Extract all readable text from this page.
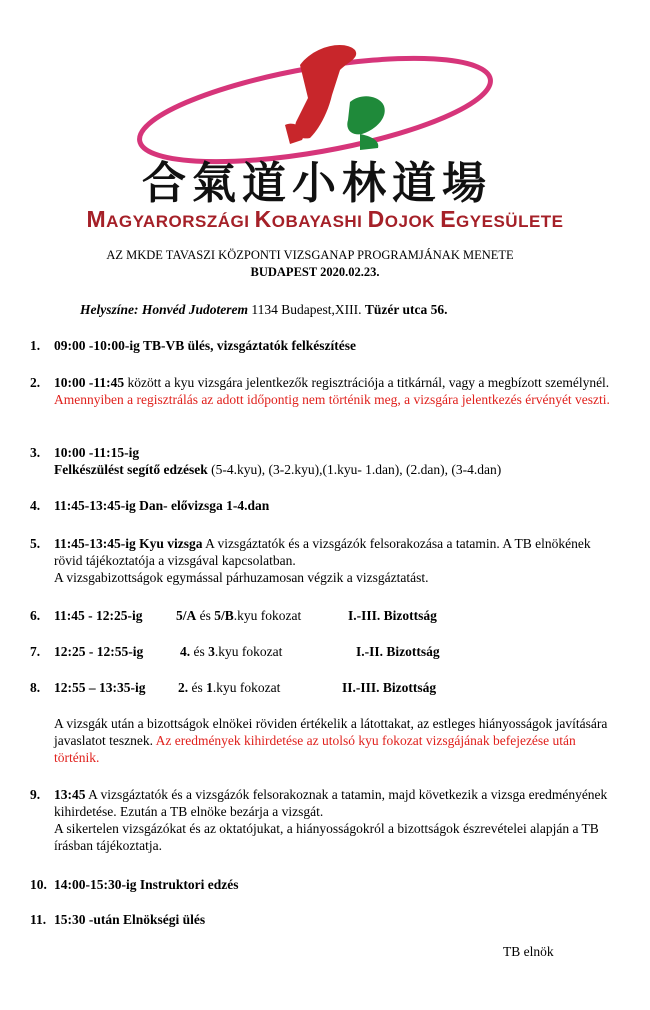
合氣道小林道場
MAGYARORSZÁGI KOBAYASHI DOJOK EGYESÜLETE
AZ MKDE TAVASZI KÖZPONTI VIZSGANAP PROGRAMJÁNAK MENETE
BUDAPEST 2020.02.23.
Helyszíne: Honvéd Judoterem 1134 Budapest,XIII. Tüzér utca 56.
1. 09:00 -10:00-ig TB-VB ülés, vizsgáztatók felkészítése
2. 10:00 -11:45 között a kyu vizsgára jelentkezők regisztrációja a titkárnál, vagy a megbízott személynél. Amennyiben a regisztrálás az adott időpontig nem történik meg, a vizsgára jelentkezés érvényét veszti.
3. 10:00 -11:15-ig
Felkészülést segítő edzések (5-4.kyu), (3-2.kyu),(1.kyu- 1.dan), (2.dan), (3-4.dan)
4. 11:45-13:45-ig Dan- elővizsga 1-4.dan
5. 11:45-13:45-ig Kyu vizsga A vizsgáztatók és a vizsgázók felsorakozása a tatamin. A TB elnökének rövid tájékoztatója a vizsgával kapcsolatban.
A vizsgabizottságok egymással párhuzamosan végzik a vizsgáztatást.
6. 11:45 - 12:25-ig 5/A és 5/B.kyu fokozat	I.-III. Bizottság
7. 12:25 - 12:55-ig	4. és 3.kyu fokozat	I.-II. Bizottság
8. 12:55 – 13:35-ig 2. és 1.kyu fokozat	II.-III. Bizottság
A vizsgák után a bizottságok elnökei röviden értékelik a látottakat, az estleges hiányosságok javítására javaslatot tesznek. Az eredmények kihirdetése az utolsó kyu fokozat vizsgájának befejezése után történik.
9. 13:45 A vizsgáztatók és a vizsgázók felsorakoznak a tatamin, majd következik a vizsga eredményének kihirdetése. Ezután a TB elnöke bezárja a vizsgát.
A sikertelen vizsgázókat és az oktatójukat, a hiányosságokról a bizottságok észrevételei alapján a TB írásban tájékoztatja.
10. 14:00-15:30-ig Instruktori edzés
11. 15:30 -után Elnökségi ülés
TB elnök
